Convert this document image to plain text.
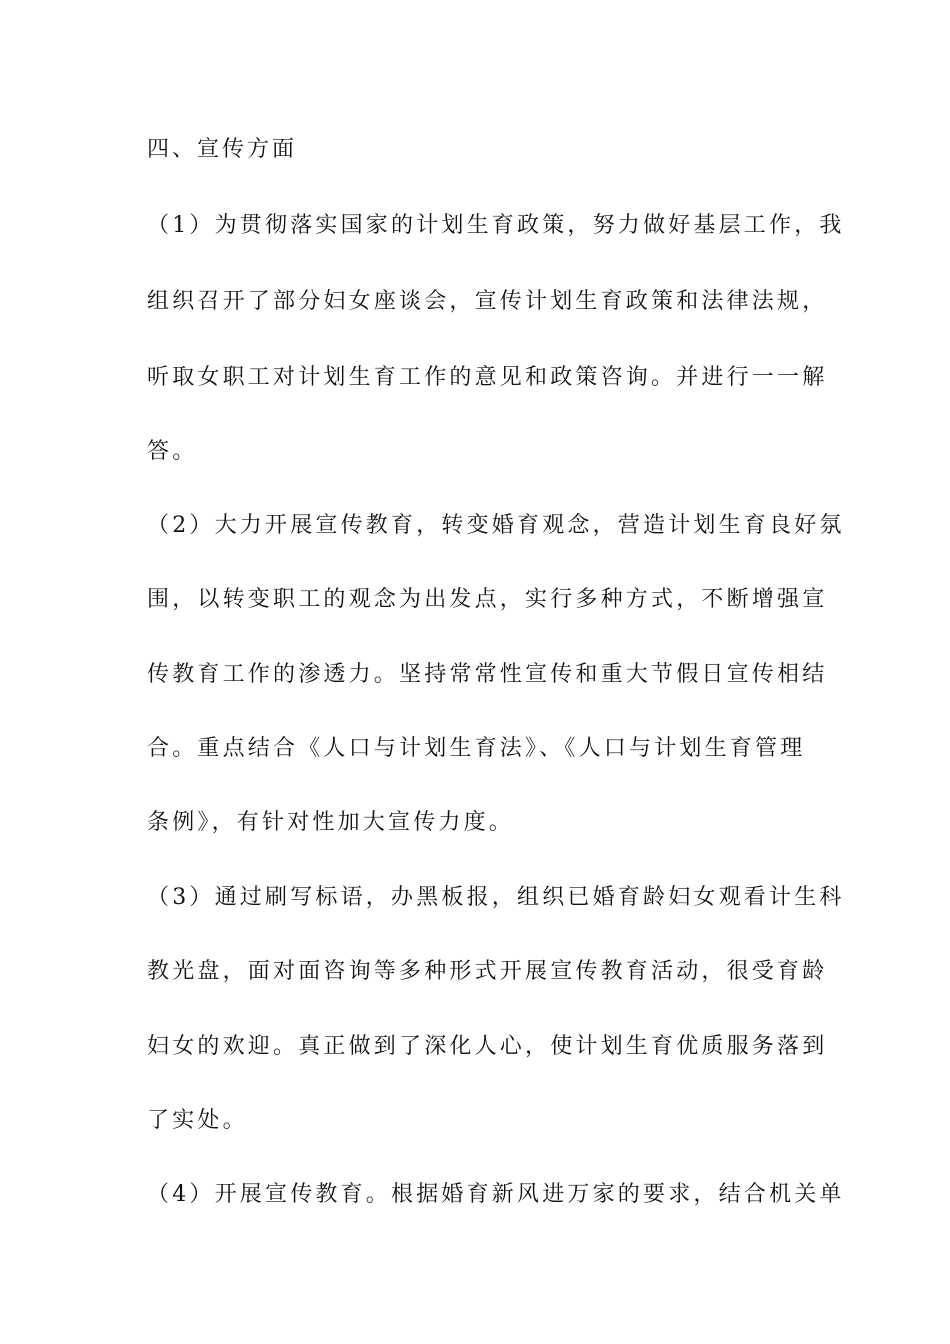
四、宣传方面
（1）为贯彻落实国家的计划生育政策，努力做好基层工作，我
组织召开了部分妇女座谈会，宣传计划生育政策和法律法规，
听取女职工对计划生育工作的意见和政策咨询。并进行一一解
答。
（2）大力开展宣传教育，转变婚育观念，营造计划生育良好氛
围，以转变职工的观念为出发点，实行多种方式，不断增强宣
传教育工作的渗透力。坚持常常性宣传和重大节假日宣传相结
合。重点结合《人口与计划生育法》、《人口与计划生育管理
条例》，有针对性加大宣传力度。
（3）通过刷写标语，办黑板报，组织已婚育龄妇女观看计生科
教光盘，面对面咨询等多种形式开展宣传教育活动，很受育龄
妇女的欢迎。真正做到了深化人心，使计划生育优质服务落到
了实处。
（4）开展宣传教育。根据婚育新风进万家的要求，结合机关单
